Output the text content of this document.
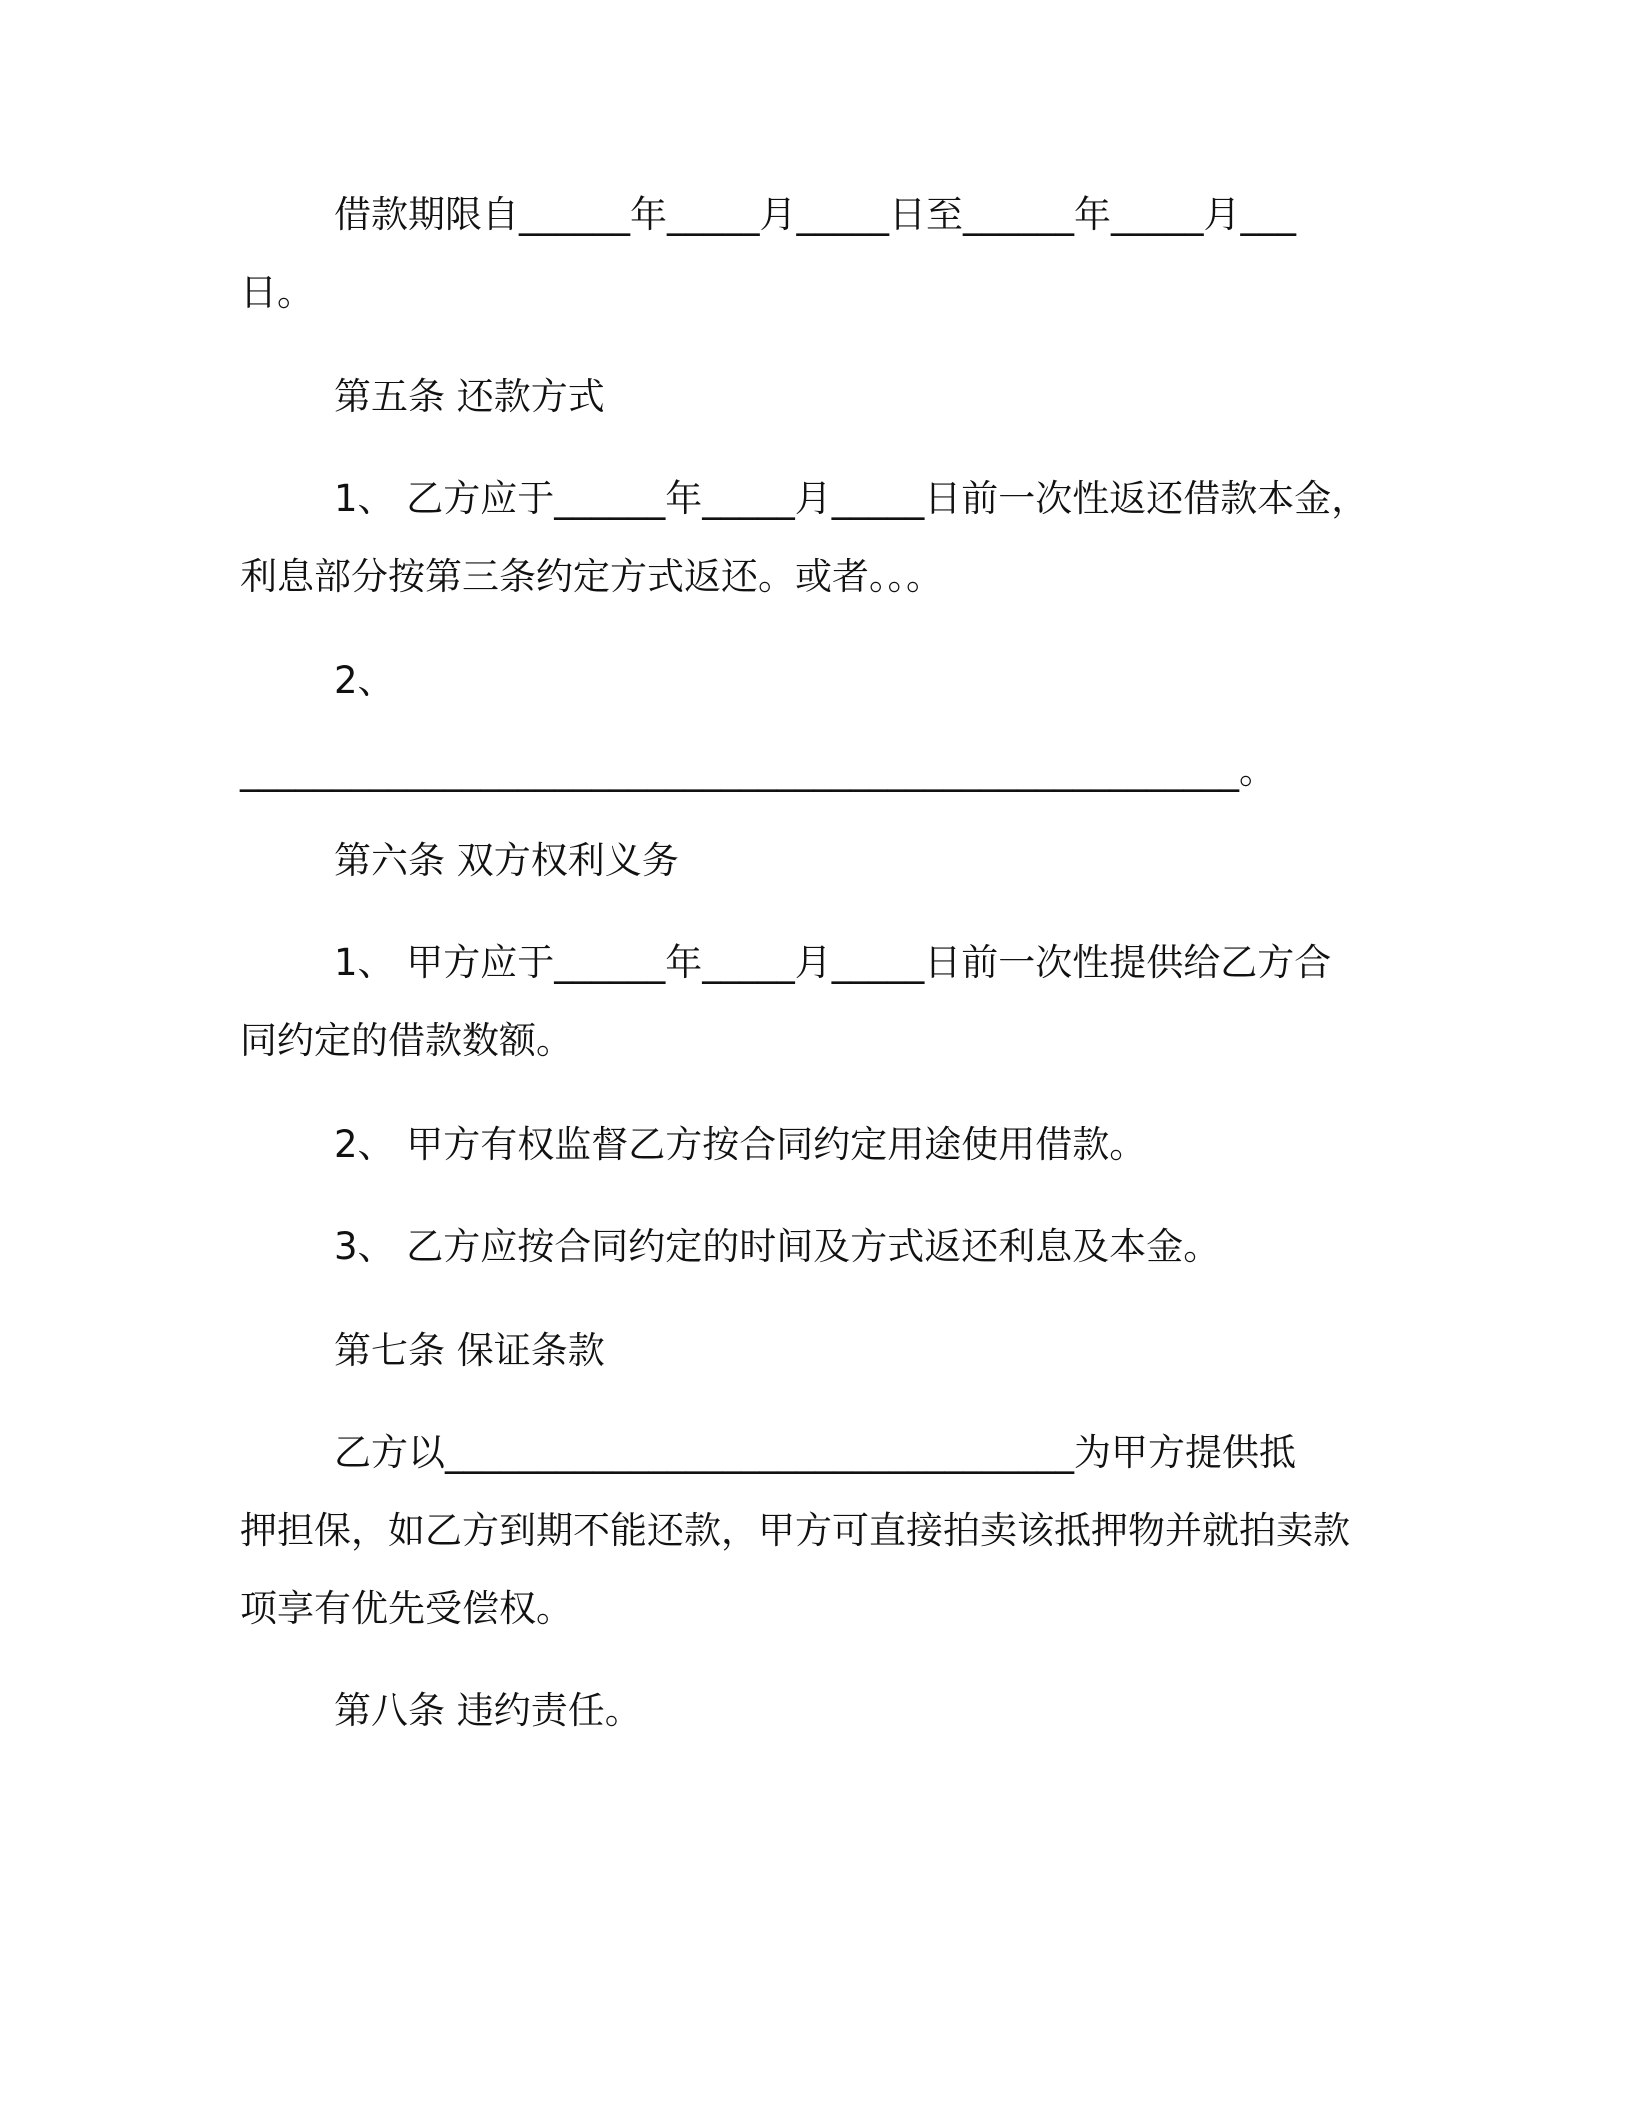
借款期限自______年_____月_____日至______年_____月___

日。

第五条 还款方式

1、 乙方应于______年_____月_____日前一次性返还借款本金，

利息部分按第三条约定方式返还。或者。。。

2、

______________________________________________________。

第六条 双方权利义务

1、 甲方应于______年_____月_____日前一次性提供给乙方合

同约定的借款数额。

2、 甲方有权监督乙方按合同约定用途使用借款。

3、 乙方应按合同约定的时间及方式返还利息及本金。

第七条 保证条款

乙方以__________________________________为甲方提供抵

押担保，如乙方到期不能还款，甲方可直接拍卖该抵押物并就拍卖款

项享有优先受偿权。

第八条 违约责任。
